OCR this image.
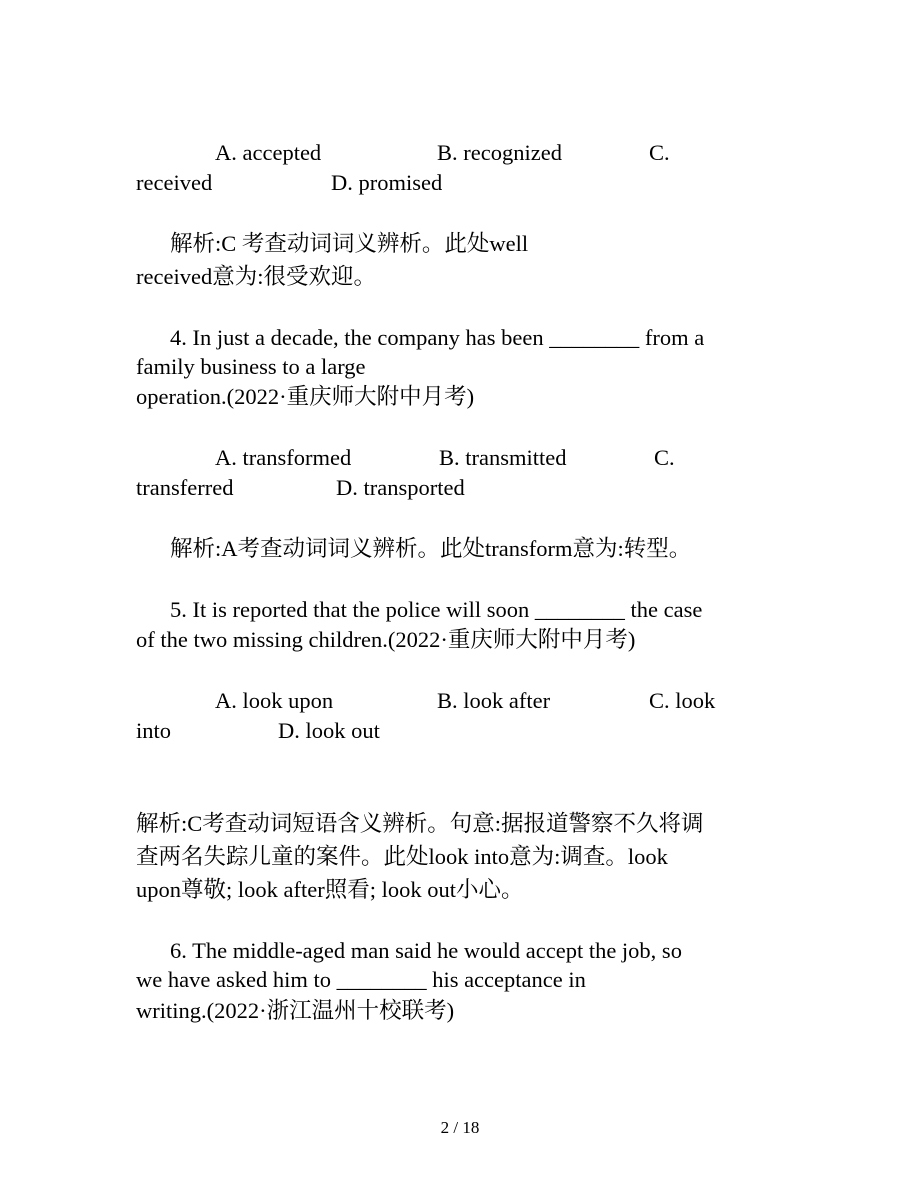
A. accepted	B. recognized	C.
received	D. promised
解析:C 考查动词词义辨析。此处well
received意为:很受欢迎。
4. In just a decade, the company has been ________ from a
family business to a large
operation.(2022·重庆师大附中月考)
A. transformed	B. transmitted	C.
transferred	D. transported
解析:A考查动词词义辨析。此处transform意为:转型。
5. It is reported that the police will soon ________ the case
of the two missing children.(2022·重庆师大附中月考)
A. look upon	B. look after	C. look
into	D. look out
解析:C考查动词短语含义辨析。句意:据报道警察不久将调
查两名失踪儿童的案件。此处look into意为:调查。look
upon尊敬; look after照看; look out小心。
6. The middle-aged man said he would accept the job, so
we have asked him to ________ his acceptance in
writing.(2022·浙江温州十校联考)
2 / 18
